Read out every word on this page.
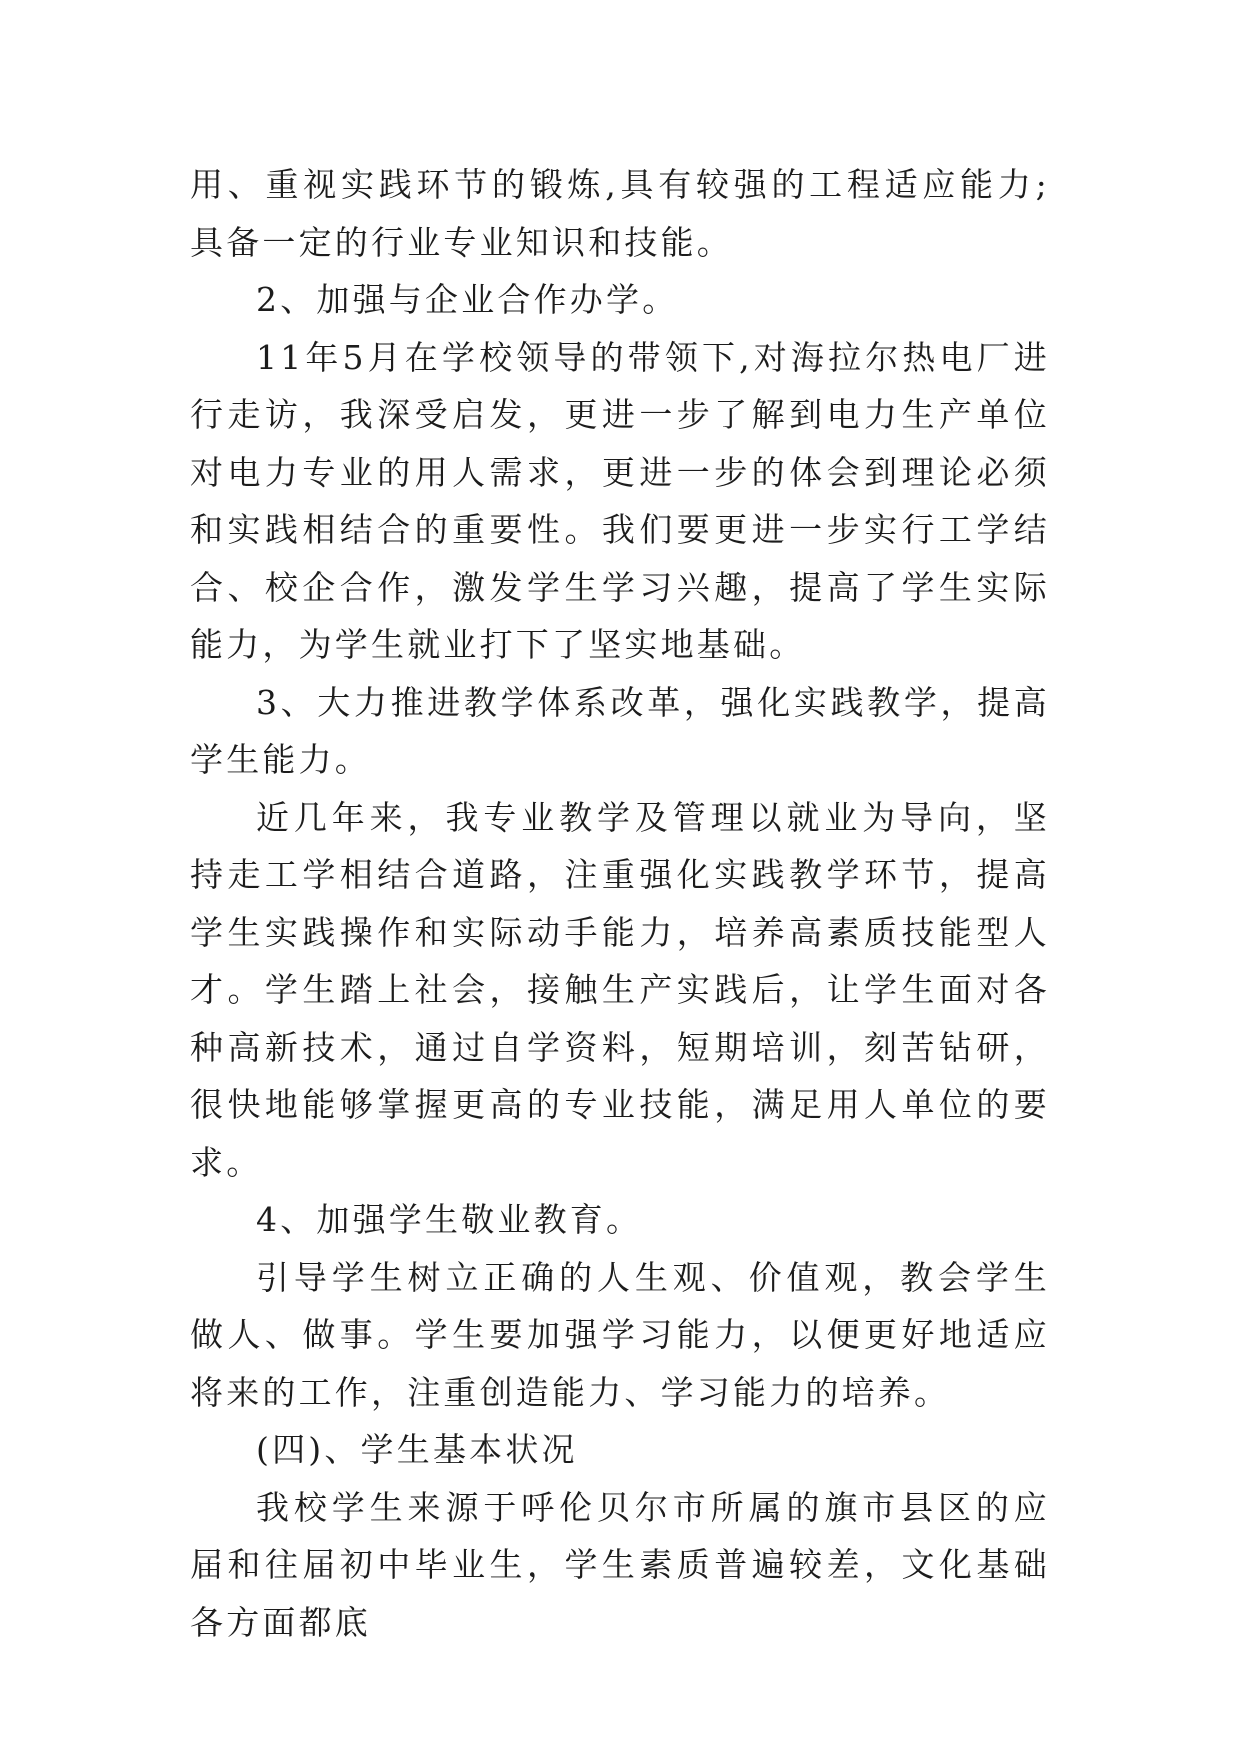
用、重视实践环节的锻炼,具有较强的工程适应能力;具备一定的行业专业知识和技能。

2、加强与企业合作办学。

11年5月在学校领导的带领下,对海拉尔热电厂进行走访，我深受启发，更进一步了解到电力生产单位对电力专业的用人需求，更进一步的体会到理论必须和实践相结合的重要性。我们要更进一步实行工学结合、校企合作，激发学生学习兴趣，提高了学生实际能力，为学生就业打下了坚实地基础。

3、大力推进教学体系改革，强化实践教学，提高学生能力。

近几年来，我专业教学及管理以就业为导向，坚持走工学相结合道路，注重强化实践教学环节，提高学生实践操作和实际动手能力，培养高素质技能型人才。学生踏上社会，接触生产实践后，让学生面对各种高新技术，通过自学资料，短期培训，刻苦钻研，很快地能够掌握更高的专业技能，满足用人单位的要求。

4、加强学生敬业教育。

引导学生树立正确的人生观、价值观，教会学生做人、做事。学生要加强学习能力，以便更好地适应将来的工作，注重创造能力、学习能力的培养。

(四)、学生基本状况

我校学生来源于呼伦贝尔市所属的旗市县区的应届和往届初中毕业生，学生素质普遍较差，文化基础各方面都底
